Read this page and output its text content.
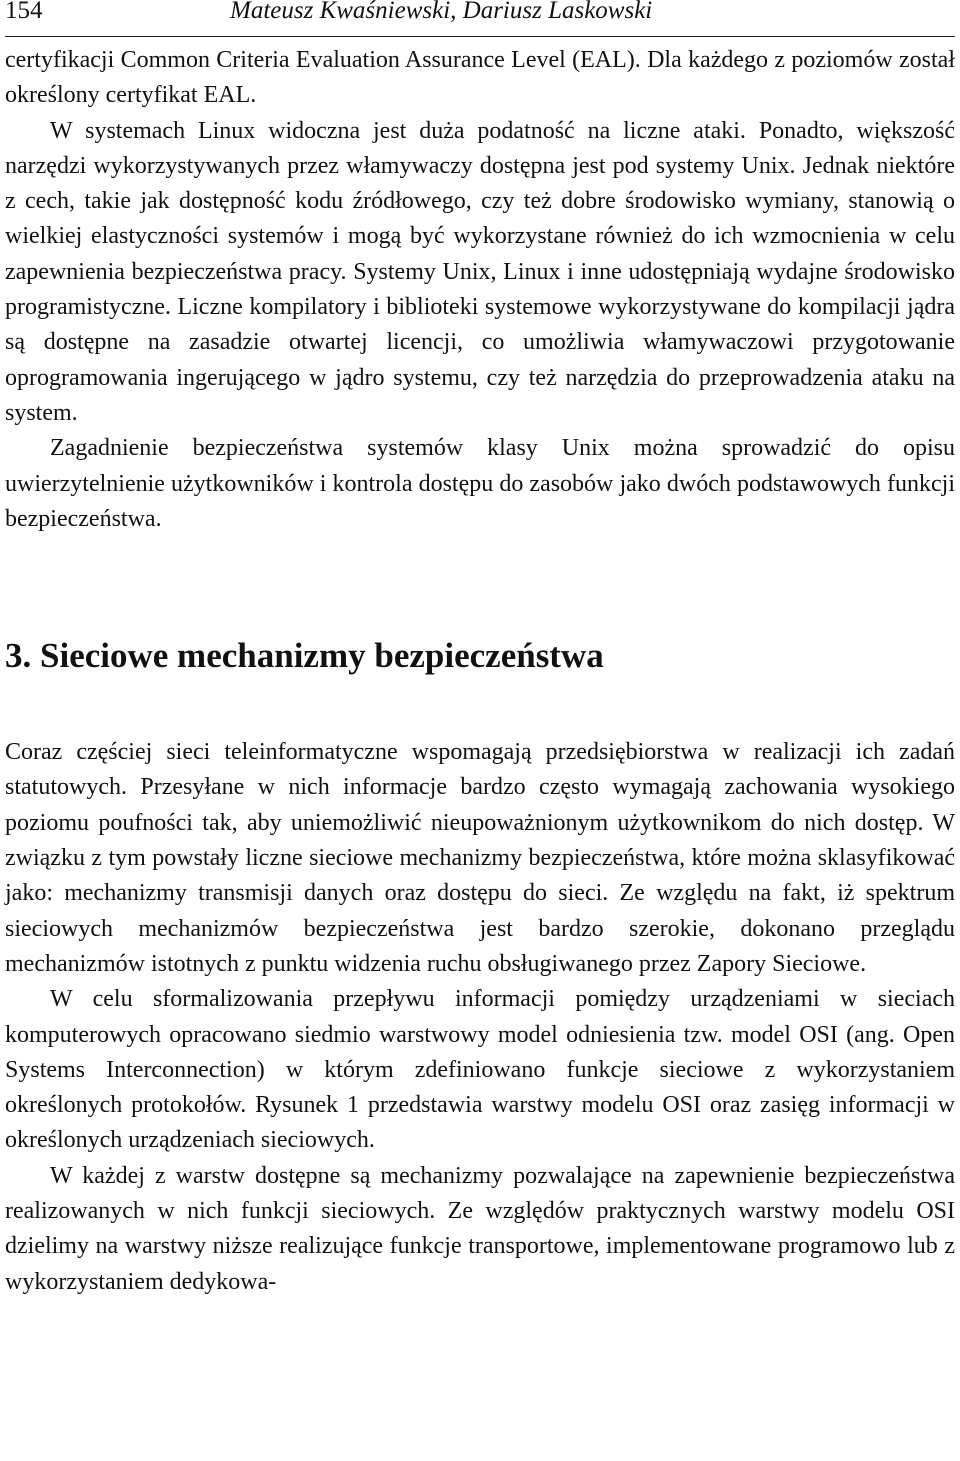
154	Mateusz Kwaśniewski, Dariusz Laskowski

certyfikacji Common Criteria Evaluation Assurance Level (EAL). Dla każdego z poziomów został określony certyfikat EAL.

W systemach Linux widoczna jest duża podatność na liczne ataki. Ponadto, większość narzędzi wykorzystywanych przez włamywaczy dostępna jest pod systemy Unix. Jednak niektóre z cech, takie jak dostępność kodu źródłowego, czy też dobre środowisko wymiany, stanowią o wielkiej elastyczności systemów i mogą być wykorzystane również do ich wzmocnienia w celu zapewnienia bezpieczeństwa pracy. Systemy Unix, Linux i inne udostępniają wydajne środowisko programistyczne. Liczne kompilatory i biblioteki systemowe wykorzystywane do kompilacji jądra są dostępne na zasadzie otwartej licencji, co umożliwia włamywaczowi przygotowanie oprogramowania ingerującego w jądro systemu, czy też narzędzia do przeprowadzenia ataku na system.

Zagadnienie bezpieczeństwa systemów klasy Unix można sprowadzić do opisu uwierzytelnienie użytkowników i kontrola dostępu do zasobów jako dwóch podstawowych funkcji bezpieczeństwa.

3. Sieciowe mechanizmy bezpieczeństwa

Coraz częściej sieci teleinformatyczne wspomagają przedsiębiorstwa w realizacji ich zadań statutowych. Przesyłane w nich informacje bardzo często wymagają zachowania wysokiego poziomu poufności tak, aby uniemożliwić nieupoważnionym użytkownikom do nich dostęp. W związku z tym powstały liczne sieciowe mechanizmy bezpieczeństwa, które można sklasyfikować jako: mechanizmy transmisji danych oraz dostępu do sieci. Ze względu na fakt, iż spektrum sieciowych mechanizmów bezpieczeństwa jest bardzo szerokie, dokonano przeglądu mechanizmów istotnych z punktu widzenia ruchu obsługiwanego przez Zapory Sieciowe.

W celu sformalizowania przepływu informacji pomiędzy urządzeniami w sieciach komputerowych opracowano siedmio warstwowy model odniesienia tzw. model OSI (ang. Open Systems Interconnection) w którym zdefiniowano funkcje sieciowe z wykorzystaniem określonych protokołów. Rysunek 1 przedstawia warstwy modelu OSI oraz zasięg informacji w określonych urządzeniach sieciowych.

W każdej z warstw dostępne są mechanizmy pozwalające na zapewnienie bezpieczeństwa realizowanych w nich funkcji sieciowych. Ze względów praktycznych warstwy modelu OSI dzielimy na warstwy niższe realizujące funkcje transportowe, implementowane programowo lub z wykorzystaniem dedykowa-
